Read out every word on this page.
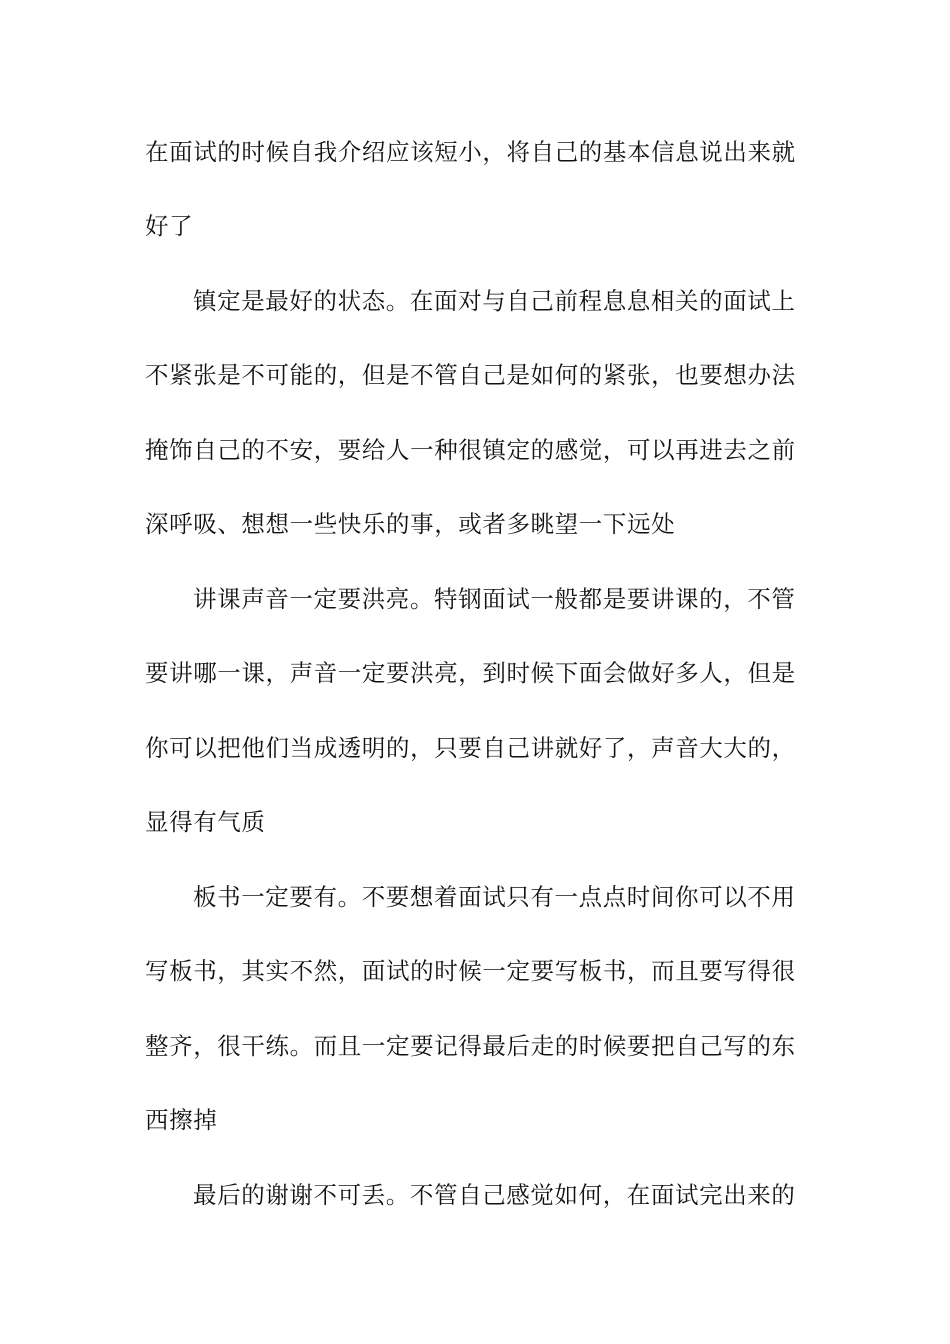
在面试的时候自我介绍应该短小，将自己的基本信息说出来就
好了
镇定是最好的状态。在面对与自己前程息息相关的面试上
不紧张是不可能的，但是不管自己是如何的紧张，也要想办法
掩饰自己的不安，要给人一种很镇定的感觉，可以再进去之前
深呼吸、想想一些快乐的事，或者多眺望一下远处
讲课声音一定要洪亮。特钢面试一般都是要讲课的，不管
要讲哪一课，声音一定要洪亮，到时候下面会做好多人，但是
你可以把他们当成透明的，只要自己讲就好了，声音大大的，
显得有气质
板书一定要有。不要想着面试只有一点点时间你可以不用
写板书，其实不然，面试的时候一定要写板书，而且要写得很
整齐，很干练。而且一定要记得最后走的时候要把自己写的东
西擦掉
最后的谢谢不可丢。不管自己感觉如何，在面试完出来的
